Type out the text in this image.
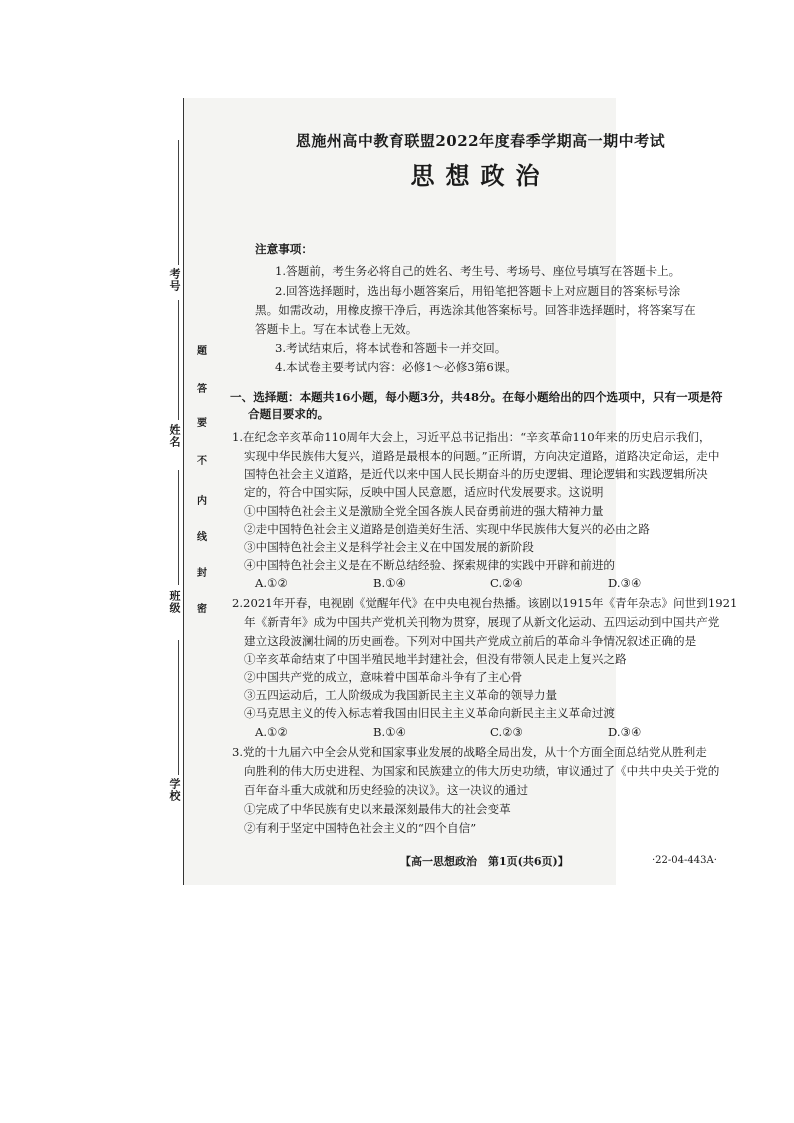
考号
姓名
班级
学校
密
封
线
内
不
要
答
题
恩施州高中教育联盟2022年度春季学期高一期中考试
思想政治
注意事项：
1.答题前，考生务必将自己的姓名、考生号、考场号、座位号填写在答题卡上。
2.回答选择题时，选出每小题答案后，用铅笔把答题卡上对应题目的答案标号涂
黑。如需改动，用橡皮擦干净后，再选涂其他答案标号。回答非选择题时，将答案写在
答题卡上。写在本试卷上无效。
3.考试结束后，将本试卷和答题卡一并交回。
4.本试卷主要考试内容：必修1～必修3第6课。
一、选择题：本题共16小题，每小题3分，共48分。在每小题给出的四个选项中，只有一项是符
合题目要求的。
1.在纪念辛亥革命110周年大会上，习近平总书记指出：“辛亥革命110年来的历史启示我们，
实现中华民族伟大复兴，道路是最根本的问题。”正所谓，方向决定道路，道路决定命运，走中
国特色社会主义道路，是近代以来中国人民长期奋斗的历史逻辑、理论逻辑和实践逻辑所决
定的，符合中国实际，反映中国人民意愿，适应时代发展要求。这说明
①中国特色社会主义是激励全党全国各族人民奋勇前进的强大精神力量
②走中国特色社会主义道路是创造美好生活、实现中华民族伟大复兴的必由之路
③中国特色社会主义是科学社会主义在中国发展的新阶段
④中国特色社会主义是在不断总结经验、探索规律的实践中开辟和前进的
A.①②	B.①④	C.②④	D.③④
2.2021年开春，电视剧《觉醒年代》在中央电视台热播。该剧以1915年《青年杂志》问世到1921
年《新青年》成为中国共产党机关刊物为贯穿，展现了从新文化运动、五四运动到中国共产党
建立这段波澜壮阔的历史画卷。下列对中国共产党成立前后的革命斗争情况叙述正确的是
①辛亥革命结束了中国半殖民地半封建社会，但没有带领人民走上复兴之路
②中国共产党的成立，意味着中国革命斗争有了主心骨
③五四运动后，工人阶级成为我国新民主主义革命的领导力量
④马克思主义的传入标志着我国由旧民主主义革命向新民主主义革命过渡
A.①②	B.①④	C.②③	D.③④
3.党的十九届六中全会从党和国家事业发展的战略全局出发，从十个方面全面总结党从胜利走
向胜利的伟大历史进程、为国家和民族建立的伟大历史功绩，审议通过了《中共中央关于党的
百年奋斗重大成就和历史经验的决议》。这一决议的通过
①完成了中华民族有史以来最深刻最伟大的社会变革
②有利于坚定中国特色社会主义的“四个自信”
【高一思想政治　第1页(共6页)】	·22-04-443A·
